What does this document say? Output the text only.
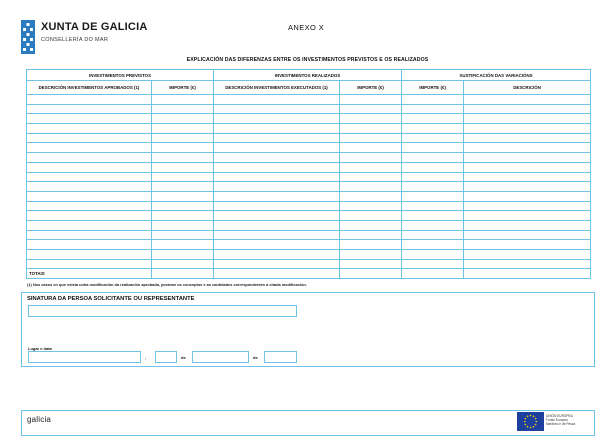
XUNTA DE GALICIA
CONSELLERÍA DO MAR
ANEXO X
EXPLICACIÓN DAS DIFERENZAS ENTRE OS INVESTIMENTOS PREVISTOS E OS REALIZADOS
INVESTIMENTOS PREVISTOS		INVESTIMENTOS REALIZADOS		XUSTIFICACIÓN DAS VARIACIÓNS	
DESCRICIÓN INVESTIMENTOS APROBADOS (1)	IMPORTE (€)	DESCRICIÓN INVESTIMENTOS EXECUTADOS (1)	IMPORTE (€)	IMPORTE (€)	DESCRICIÓN

TOTAIS					
(1) Nos casos en que exista unha modificación da realización aprobada, poranse os conceptos e as cantidades correspondentes á citada modificación.
SINATURA DA PERSOA SOLICITANTE OU REPRESENTANTE
Lugar e data
,	de	de
galicia	UNIÓN EUROPEA
Fondo Europeo
Marítimo e de Pesca
